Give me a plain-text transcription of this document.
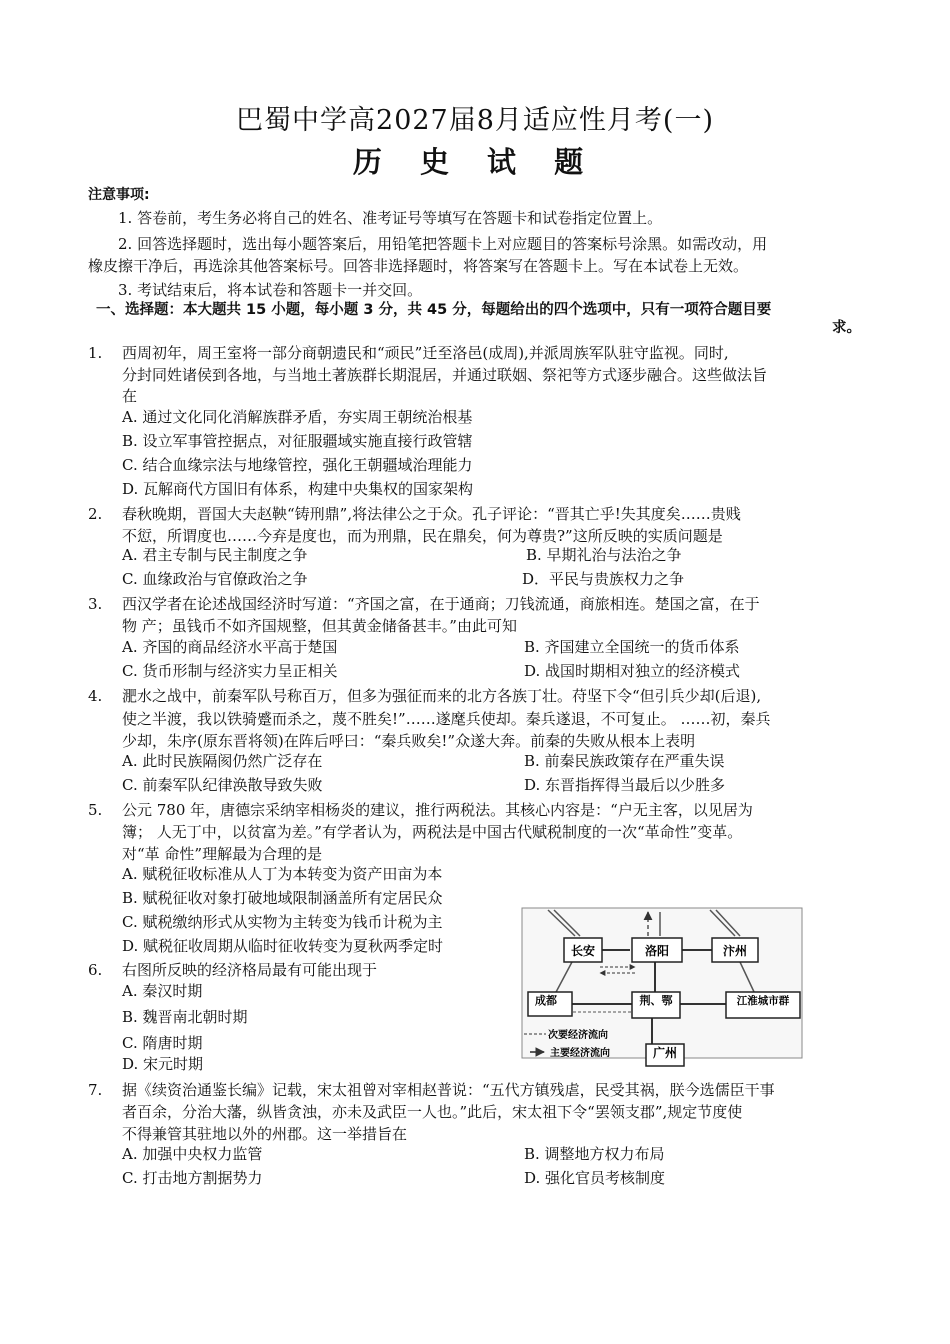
巴蜀中学高2027届8月适应性月考(一)
历 史 试 题
注意事项:
1. 答卷前，考生务必将自己的姓名、准考证号等填写在答题卡和试卷指定位置上。
2. 回答选择题时，选出每小题答案后，用铅笔把答题卡上对应题目的答案标号涂黑。如需改动，用
橡皮擦干净后，再选涂其他答案标号。回答非选择题时，将答案写在答题卡上。写在本试卷上无效。
3. 考试结束后，将本试卷和答题卡一并交回。
一、选择题：本大题共 15 小题，每小题 3 分，共 45 分，每题给出的四个选项中，只有一项符合题目要
求。
1. 西周初年，周王室将一部分商朝遗民和“顽民”迁至洛邑(成周),并派周族军队驻守监视。同时,
分封同姓诸侯到各地，与当地土著族群长期混居，并通过联姻、祭祀等方式逐步融合。这些做法旨
在
A. 通过文化同化消解族群矛盾，夯实周王朝统治根基
B. 设立军事管控据点，对征服疆域实施直接行政管辖
C. 结合血缘宗法与地缘管控，强化王朝疆域治理能力
D. 瓦解商代方国旧有体系，构建中央集权的国家架构
2. 春秋晚期，晋国大夫赵鞅“铸刑鼎”,将法律公之于众。孔子评论：“晋其亡乎!失其度矣……贵贱
不愆，所谓度也……今弃是度也，而为刑鼎，民在鼎矣，何为尊贵?”这所反映的实质问题是
A. 君主专制与民主制度之争	B. 早期礼治与法治之争
C. 血缘政治与官僚政治之争	D．平民与贵族权力之争
3. 西汉学者在论述战国经济时写道：“齐国之富，在于通商；刀钱流通，商旅相连。楚国之富，在于
物 产；虽钱币不如齐国规整，但其黄金储备甚丰。”由此可知
A. 齐国的商品经济水平高于楚国	B. 齐国建立全国统一的货币体系
C. 货币形制与经济实力呈正相关	D. 战国时期相对独立的经济模式
4. 淝水之战中，前秦军队号称百万，但多为强征而来的北方各族丁壮。苻坚下令“但引兵少却(后退),
使之半渡，我以铁骑蹙而杀之，蔑不胜矣!”……遂麾兵使却。秦兵遂退，不可复止。 ……初，秦兵
少却，朱序(原东晋将领)在阵后呼曰：“秦兵败矣!”众遂大奔。前秦的失败从根本上表明
A. 此时民族隔阂仍然广泛存在	B. 前秦民族政策存在严重失误
C. 前秦军队纪律涣散导致失败	D. 东晋指挥得当最后以少胜多
5. 公元 780 年，唐德宗采纳宰相杨炎的建议，推行两税法。其核心内容是：“户无主客，以见居为
簿； 人无丁中，以贫富为差。”有学者认为，两税法是中国古代赋税制度的一次“革命性”变革。
对“革 命性”理解最为合理的是
A. 赋税征收标准从人丁为本转变为资产田亩为本
B. 赋税征收对象打破地域限制涵盖所有定居民众
C. 赋税缴纳形式从实物为主转变为钱币计税为主
D. 赋税征收周期从临时征收转变为夏秋两季定时
6. 右图所反映的经济格局最有可能出现于
A. 秦汉时期
B. 魏晋南北朝时期
C. 隋唐时期
D. 宋元时期
长安	洛阳	汴州
成都	荆、鄂	江淮城市群
广州
次要经济流向
主要经济流向
7. 据《续资治通鉴长编》记载，宋太祖曾对宰相赵普说：“五代方镇残虐，民受其祸，朕今选儒臣干事
者百余，分治大藩，纵皆贪浊，亦未及武臣一人也。”此后，宋太祖下令“罢领支郡”,规定节度使
不得兼管其驻地以外的州郡。这一举措旨在
A. 加强中央权力监管	B. 调整地方权力布局
C. 打击地方割据势力	D. 强化官员考核制度
